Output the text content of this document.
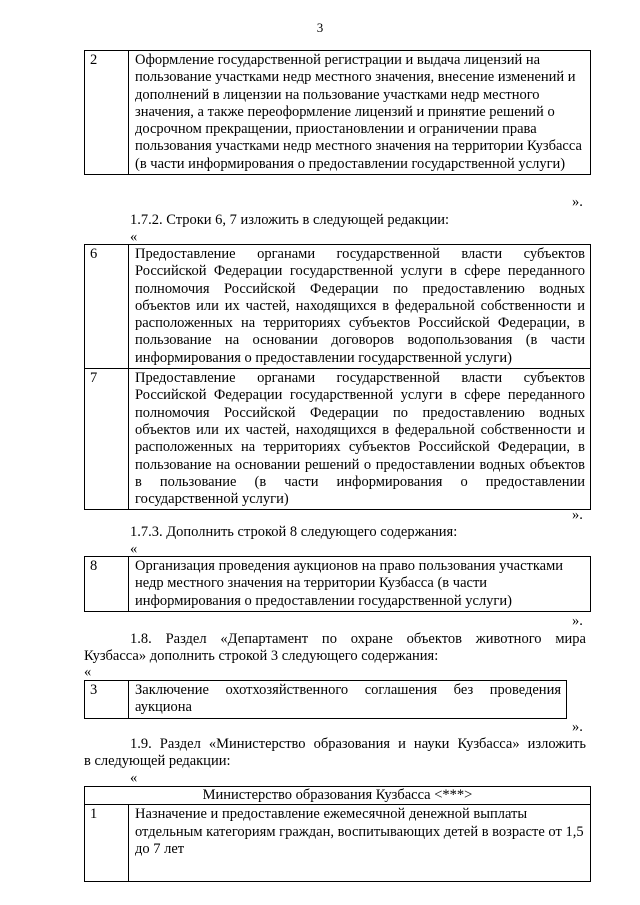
3
2	Оформление государственной регистрации и выдача лицензий на пользование участками недр местного значения, внесение изменений и дополнений в лицензии на пользование участками недр местного значения, а также переоформление лицензий и принятие решений о досрочном прекращении, приостановлении и ограничении права пользования участками недр местного значения на территории Кузбасса (в части информирования о предоставлении государственной услуги)
».
1.7.2. Строки 6, 7 изложить в следующей редакции:
«
6	Предоставление органами государственной власти субъектов Российской Федерации государственной услуги в сфере переданного полномочия Российской Федерации по предоставлению водных объектов или их частей, находящихся в федеральной собственности и расположенных на территориях субъектов Российской Федерации, в пользование на основании договоров водопользования (в части информирования о предоставлении государственной услуги)
7	Предоставление органами государственной власти субъектов Российской Федерации государственной услуги в сфере переданного полномочия Российской Федерации по предоставлению водных объектов или их частей, находящихся в федеральной собственности и расположенных на территориях субъектов Российской Федерации, в пользование на основании решений о предоставлении водных объектов в пользование (в части информирования о предоставлении государственной услуги)
».
1.7.3. Дополнить строкой 8 следующего содержания:
«
8	Организация проведения аукционов на право пользования участками недр местного значения на территории Кузбасса (в части информирования о предоставлении государственной услуги)
».
1.8. Раздел «Департамент по охране объектов животного мира
Кузбасса» дополнить строкой 3 следующего содержания:
«
3	Заключение охотхозяйственного соглашения без проведения аукциона
».
1.9. Раздел «Министерство образования и науки Кузбасса» изложить
в следующей редакции:
«
Министерство образования Кузбасса <***>
1	Назначение и предоставление ежемесячной денежной выплаты отдельным категориям граждан, воспитывающих детей в возрасте от 1,5 до 7 лет
